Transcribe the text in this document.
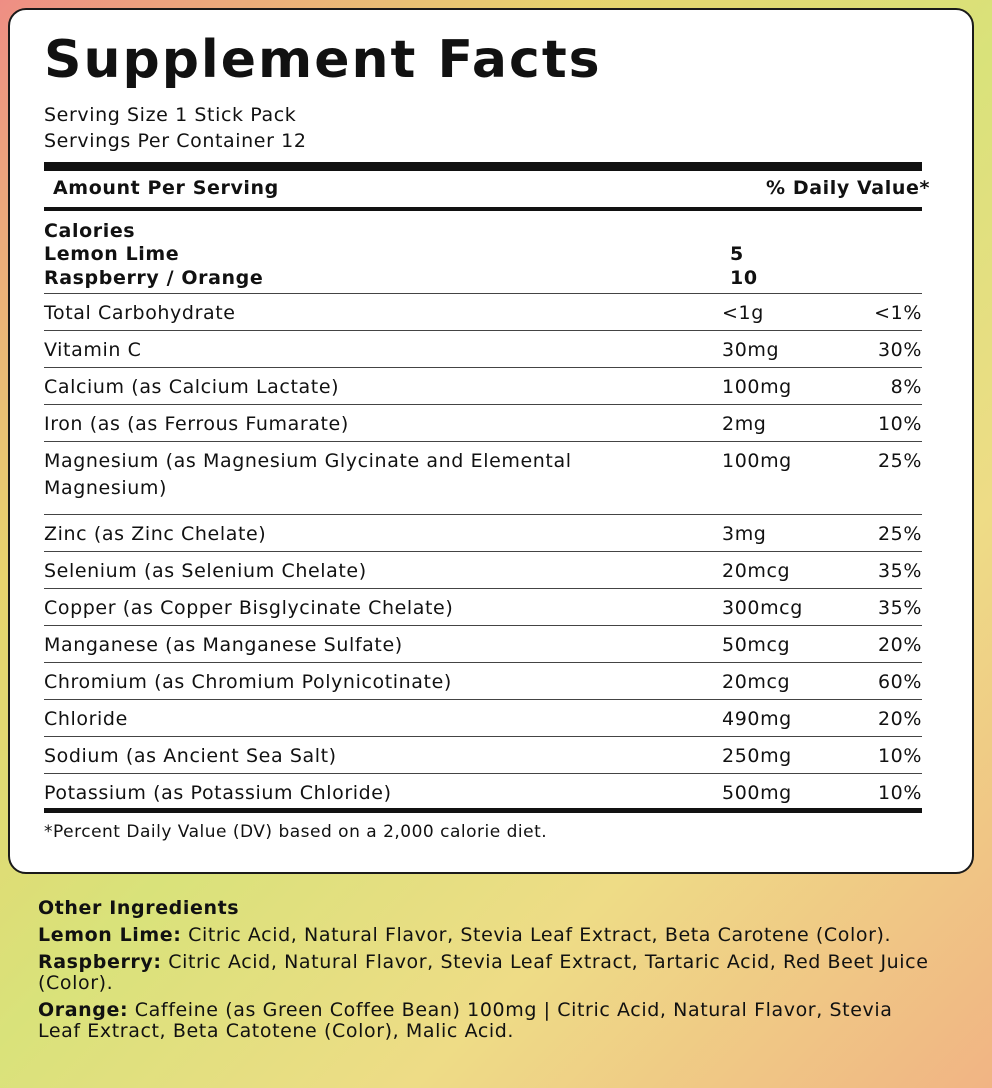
Supplement Facts
Serving Size 1 Stick Pack
Servings Per Container 12
Amount Per Serving	% Daily Value*
Calories
Lemon Lime	5
Raspberry / Orange	10
Total Carbohydrate	<1g	<1%
Vitamin C	30mg	30%
Calcium (as Calcium Lactate)	100mg	8%
Iron (as (as Ferrous Fumarate)	2mg	10%
Magnesium (as Magnesium Glycinate and Elemental Magnesium)
100mg	25%
Zinc (as Zinc Chelate)	3mg	25%
Selenium (as Selenium Chelate)	20mcg	35%
Copper (as Copper Bisglycinate Chelate)	300mcg	35%
Manganese (as Manganese Sulfate)	50mcg	20%
Chromium (as Chromium Polynicotinate)	20mcg	60%
Chloride	490mg	20%
Sodium (as Ancient Sea Salt)	250mg	10%
Potassium (as Potassium Chloride)	500mg	10%
*Percent Daily Value (DV) based on a 2,000 calorie diet.
Other Ingredients
Lemon Lime: Citric Acid, Natural Flavor, Stevia Leaf Extract, Beta Carotene (Color).
Raspberry: Citric Acid, Natural Flavor, Stevia Leaf Extract, Tartaric Acid, Red Beet Juice (Color).
Orange: Caffeine (as Green Coffee Bean) 100mg | Citric Acid, Natural Flavor, Stevia Leaf Extract, Beta Catotene (Color), Malic Acid.
